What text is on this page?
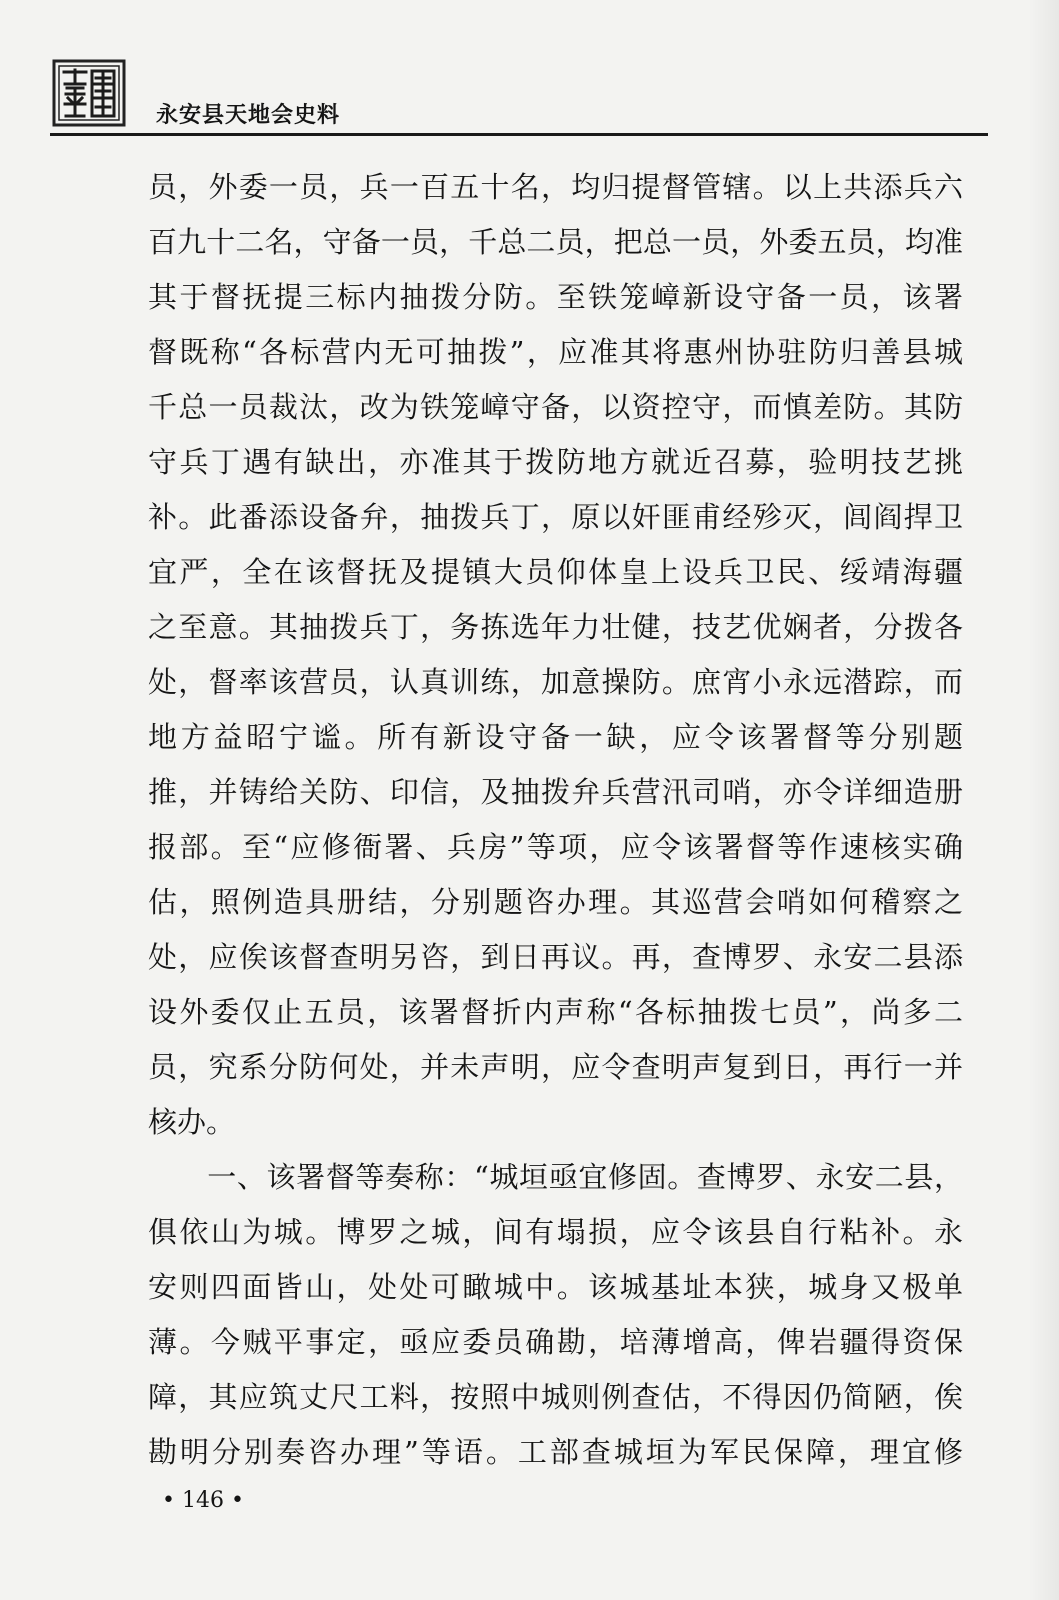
永安县天地会史料
员，外委一员，兵一百五十名，均归提督管辖。以上共添兵六
百九十二名，守备一员，千总二员，把总一员，外委五员，均准
其于督抚提三标内抽拨分防。至铁笼嶂新设守备一员，该署
督既称“各标营内无可抽拨”，应准其将惠州协驻防归善县城
千总一员裁汰，改为铁笼嶂守备，以资控守，而慎差防。其防
守兵丁遇有缺出，亦准其于拨防地方就近召募，验明技艺挑
补。此番添设备弁，抽拨兵丁，原以奸匪甫经殄灭，闾阎捍卫
宜严，全在该督抚及提镇大员仰体皇上设兵卫民、绥靖海疆
之至意。其抽拨兵丁，务拣选年力壮健，技艺优娴者，分拨各
处，督率该营员，认真训练，加意操防。庶宵小永远潜踪，而
地方益昭宁谧。所有新设守备一缺，应令该署督等分别题
推，并铸给关防、印信，及抽拨弁兵营汛司哨，亦令详细造册
报部。至“应修衙署、兵房”等项，应令该署督等作速核实确
估，照例造具册结，分别题咨办理。其巡营会哨如何稽察之
处，应俟该督查明另咨，到日再议。再，查博罗、永安二县添
设外委仅止五员，该署督折内声称“各标抽拨七员”，尚多二
员，究系分防何处，并未声明，应令查明声复到日，再行一并
核办。
　　一、该署督等奏称：“城垣亟宜修固。查博罗、永安二县，
俱依山为城。博罗之城，间有塌损，应令该县自行粘补。永
安则四面皆山，处处可瞰城中。该城基址本狭，城身又极单
薄。今贼平事定，亟应委员确勘，培薄增高，俾岩疆得资保
障，其应筑丈尺工料，按照中城则例查估，不得因仍简陋，俟
勘明分别奏咨办理”等语。工部查城垣为军民保障，理宜修
• 146 •
